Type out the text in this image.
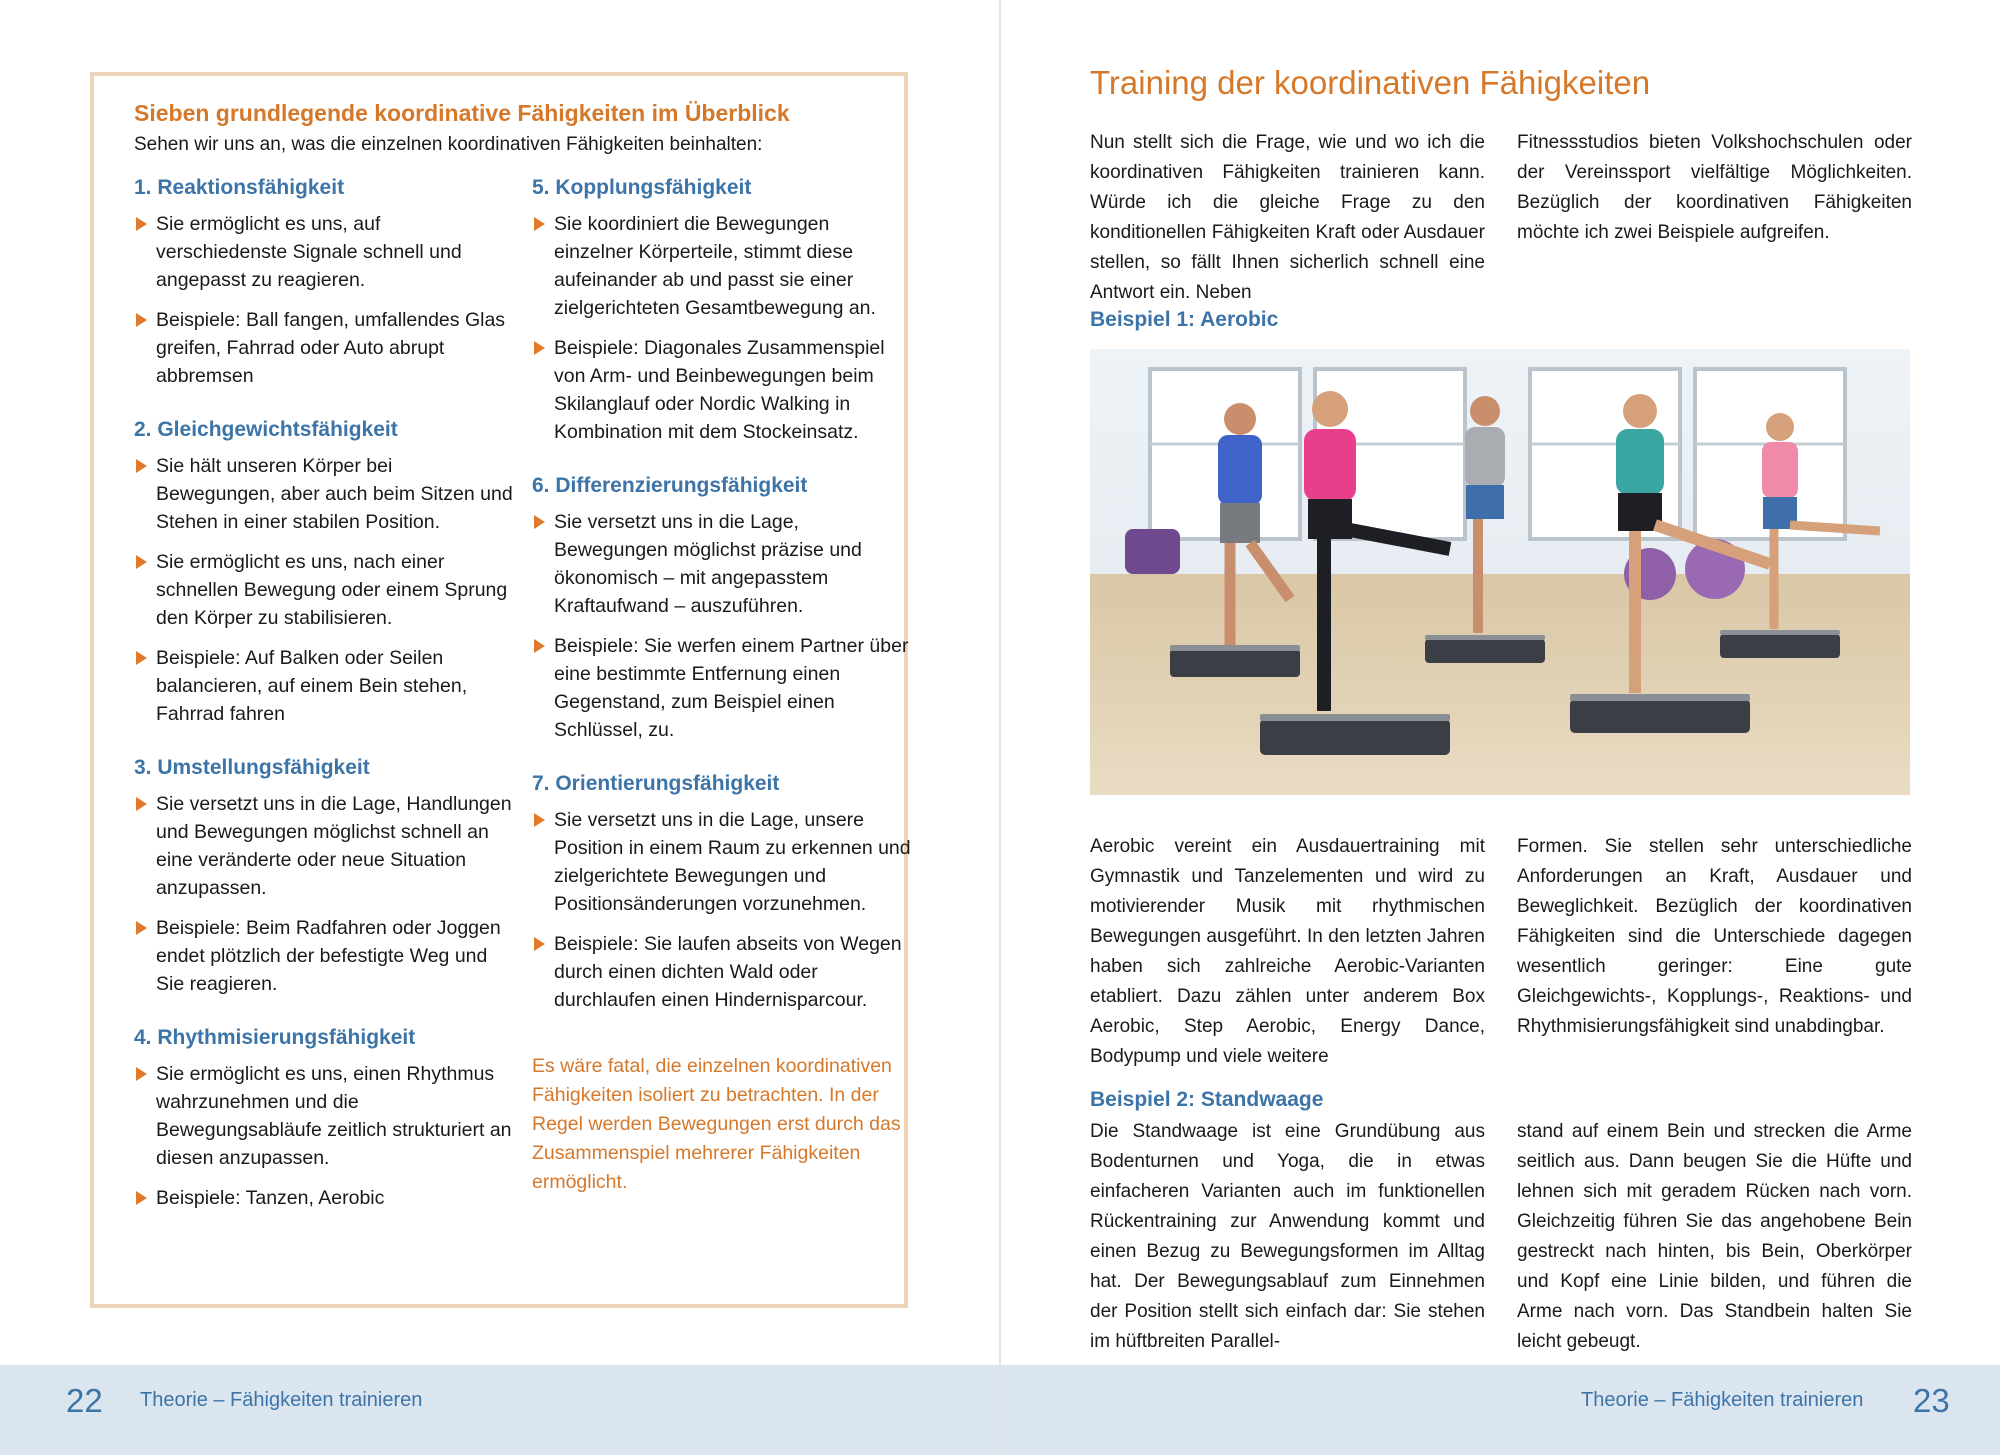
Sieben grundlegende koordinative Fähigkeiten im Überblick

Sehen wir uns an, was die einzelnen koordinativen Fähigkeiten beinhalten:

1. Reaktionsfähigkeit
Sie ermöglicht es uns, auf verschiedenste Signale schnell und angepasst zu reagieren.
Beispiele: Ball fangen, umfallendes Glas greifen, Fahrrad oder Auto abrupt abbremsen
2. Gleichgewichtsfähigkeit
Sie hält unseren Körper bei Bewegungen, aber auch beim Sitzen und Stehen in einer stabilen Position.
Sie ermöglicht es uns, nach einer schnellen Bewegung oder einem Sprung den Körper zu stabilisieren.
Beispiele: Auf Balken oder Seilen balancieren, auf einem Bein stehen, Fahrrad fahren
3. Umstellungsfähigkeit
Sie versetzt uns in die Lage, Handlungen und Bewegungen möglichst schnell an eine veränderte oder neue Situation anzupassen.
Beispiele: Beim Radfahren oder Joggen endet plötzlich der befestigte Weg und Sie reagieren.
4. Rhythmisierungsfähigkeit
Sie ermöglicht es uns, einen Rhythmus wahrzunehmen und die Bewegungsabläufe zeitlich strukturiert an diesen anzupassen.
Beispiele: Tanzen, Aerobic
5. Kopplungsfähigkeit
Sie koordiniert die Bewegungen einzelner Körperteile, stimmt diese aufeinander ab und passt sie einer zielgerichteten Gesamtbewegung an.
Beispiele: Diagonales Zusammenspiel von Arm- und Beinbewegungen beim Skilanglauf oder Nordic Walking in Kombination mit dem Stockeinsatz.
6. Differenzierungsfähigkeit
Sie versetzt uns in die Lage, Bewegungen möglichst präzise und ökonomisch – mit angepasstem Kraftaufwand – auszuführen.
Beispiele: Sie werfen einem Partner über eine bestimmte Entfernung einen Gegenstand, zum Beispiel einen Schlüssel, zu.
7. Orientierungsfähigkeit
Sie versetzt uns in die Lage, unsere Position in einem Raum zu erkennen und zielgerichtete Bewegungen und Positionsänderungen vorzunehmen.
Beispiele: Sie laufen abseits von Wegen durch einen dichten Wald oder durchlaufen einen Hindernisparcour.
Es wäre fatal, die einzelnen koordinativen Fähigkeiten isoliert zu betrachten. In der Regel werden Bewegungen erst durch das Zusammenspiel mehrerer Fähigkeiten ermöglicht.
22 Theorie – Fähigkeiten trainieren
Training der koordinativen Fähigkeiten

Nun stellt sich die Frage, wie und wo ich die koordinativen Fähigkeiten trainieren kann. Würde ich die gleiche Frage zu den konditionellen Fähigkeiten Kraft oder Ausdauer stellen, so fällt Ihnen sicherlich schnell eine Antwort ein. Neben

Fitnessstudios bieten Volkshochschulen oder der Vereinssport vielfältige Möglichkeiten. Bezüglich der koordinativen Fähigkeiten möchte ich zwei Beispiele aufgreifen.

Beispiel 1: Aerobic

Aerobic vereint ein Ausdauertraining mit Gymnastik und Tanzelementen und wird zu motivierender Musik mit rhythmischen Bewegungen ausgeführt. In den letzten Jahren haben sich zahlreiche Aerobic-Varianten etabliert. Dazu zählen unter anderem Box Aerobic, Step Aerobic, Energy Dance, Bodypump und viele weitere

Formen. Sie stellen sehr unterschiedliche Anforderungen an Kraft, Ausdauer und Beweglichkeit. Bezüglich der koordinativen Fähigkeiten sind die Unterschiede dagegen wesentlich geringer: Eine gute Gleichgewichts-, Kopplungs-, Reaktions- und Rhythmisierungsfähigkeit sind unabdingbar.

Beispiel 2: Standwaage

Die Standwaage ist eine Grundübung aus Bodenturnen und Yoga, die in etwas einfacheren Varianten auch im funktionellen Rückentraining zur Anwendung kommt und einen Bezug zu Bewegungsformen im Alltag hat. Der Bewegungsablauf zum Einnehmen der Position stellt sich einfach dar: Sie stehen im hüftbreiten Parallel-

stand auf einem Bein und strecken die Arme seitlich aus. Dann beugen Sie die Hüfte und lehnen sich mit geradem Rücken nach vorn. Gleichzeitig führen Sie das angehobene Bein gestreckt nach hinten, bis Bein, Oberkörper und Kopf eine Linie bilden, und führen die Arme nach vorn. Das Standbein halten Sie leicht gebeugt.

Theorie – Fähigkeiten trainieren 23
